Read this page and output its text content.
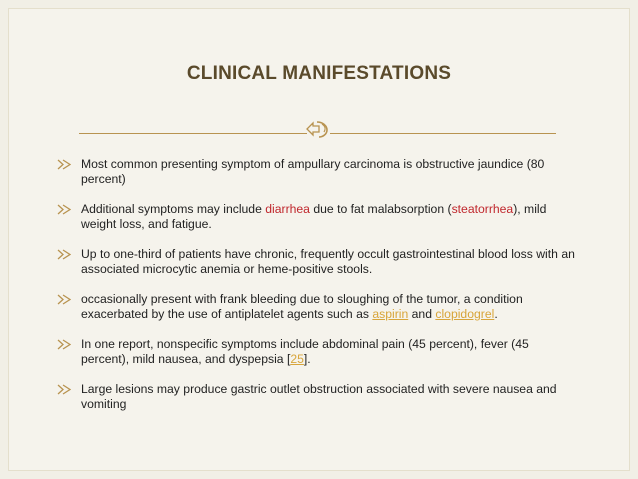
CLINICAL MANIFESTATIONS
Most common presenting symptom of ampullary carcinoma is obstructive jaundice (80 percent)
Additional symptoms may include diarrhea due to fat malabsorption (steatorrhea), mild weight loss, and fatigue.
Up to one-third of patients have chronic, frequently occult gastrointestinal blood loss with an associated microcytic anemia or heme-positive stools.
occasionally present with frank bleeding due to sloughing of the tumor, a condition exacerbated by the use of antiplatelet agents such as aspirin and clopidogrel.
In one report, nonspecific symptoms include abdominal pain (45 percent), fever (45 percent), mild nausea, and dyspepsia [25].
Large lesions may produce gastric outlet obstruction associated with severe nausea and vomiting
